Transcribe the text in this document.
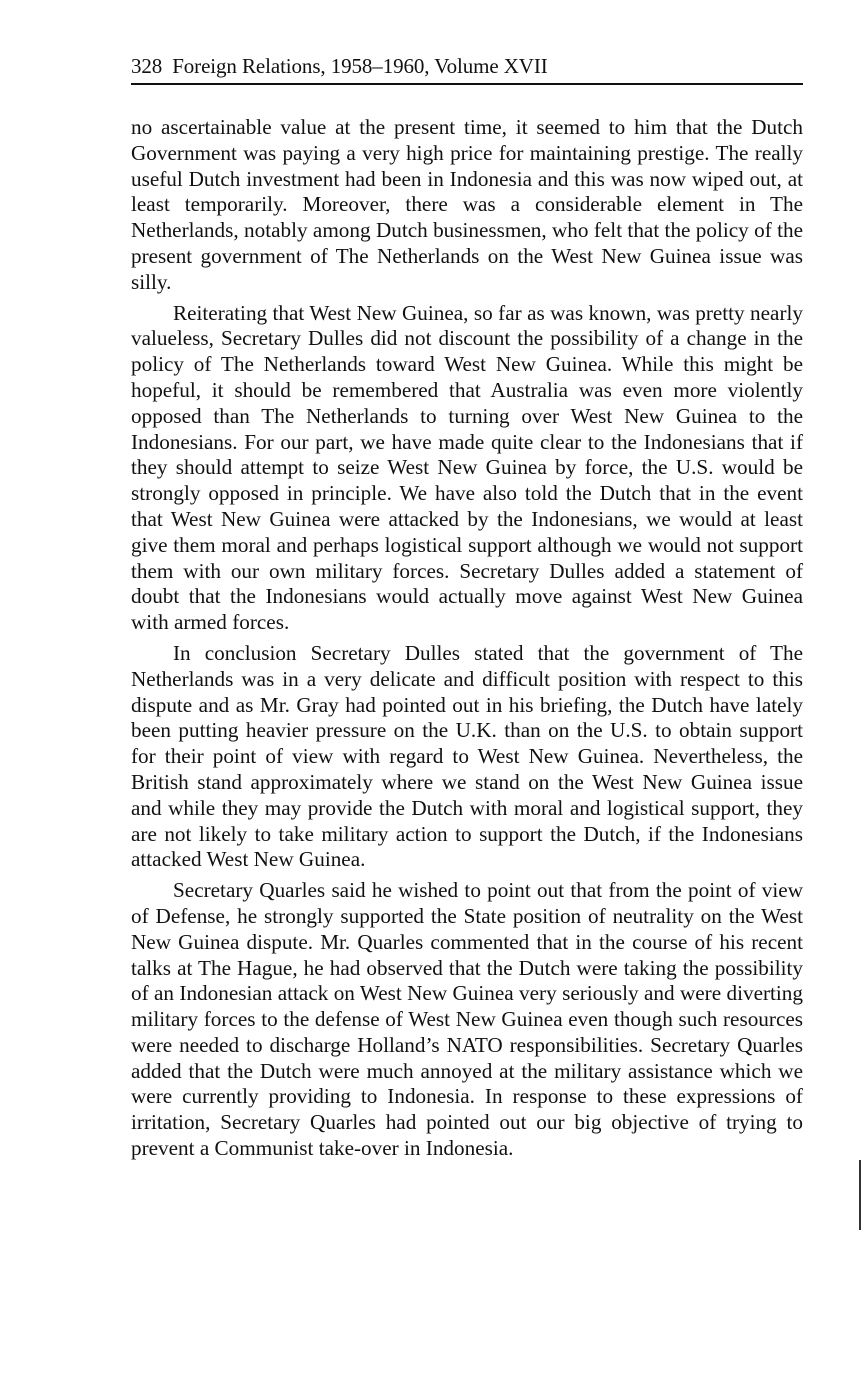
328 Foreign Relations, 1958–1960, Volume XVII

no ascertainable value at the present time, it seemed to him that the Dutch Government was paying a very high price for maintaining prestige. The really useful Dutch investment had been in Indonesia and this was now wiped out, at least temporarily. Moreover, there was a considerable element in The Netherlands, notably among Dutch businessmen, who felt that the policy of the present government of The Netherlands on the West New Guinea issue was silly.

Reiterating that West New Guinea, so far as was known, was pretty nearly valueless, Secretary Dulles did not discount the possibility of a change in the policy of The Netherlands toward West New Guinea. While this might be hopeful, it should be remembered that Australia was even more violently opposed than The Netherlands to turning over West New Guinea to the Indonesians. For our part, we have made quite clear to the Indonesians that if they should attempt to seize West New Guinea by force, the U.S. would be strongly opposed in principle. We have also told the Dutch that in the event that West New Guinea were attacked by the Indonesians, we would at least give them moral and perhaps logistical support although we would not support them with our own military forces. Secretary Dulles added a statement of doubt that the Indonesians would actually move against West New Guinea with armed forces.

In conclusion Secretary Dulles stated that the government of The Netherlands was in a very delicate and difficult position with respect to this dispute and as Mr. Gray had pointed out in his briefing, the Dutch have lately been putting heavier pressure on the U.K. than on the U.S. to obtain support for their point of view with regard to West New Guinea. Nevertheless, the British stand approximately where we stand on the West New Guinea issue and while they may provide the Dutch with moral and logistical support, they are not likely to take military action to support the Dutch, if the Indonesians attacked West New Guinea.

Secretary Quarles said he wished to point out that from the point of view of Defense, he strongly supported the State position of neutrality on the West New Guinea dispute. Mr. Quarles commented that in the course of his recent talks at The Hague, he had observed that the Dutch were taking the possibility of an Indonesian attack on West New Guinea very seriously and were diverting military forces to the defense of West New Guinea even though such resources were needed to discharge Holland’s NATO responsibilities. Secretary Quarles added that the Dutch were much annoyed at the military assistance which we were currently providing to Indonesia. In response to these expressions of irritation, Secretary Quarles had pointed out our big objective of trying to prevent a Communist take-over in Indonesia.
